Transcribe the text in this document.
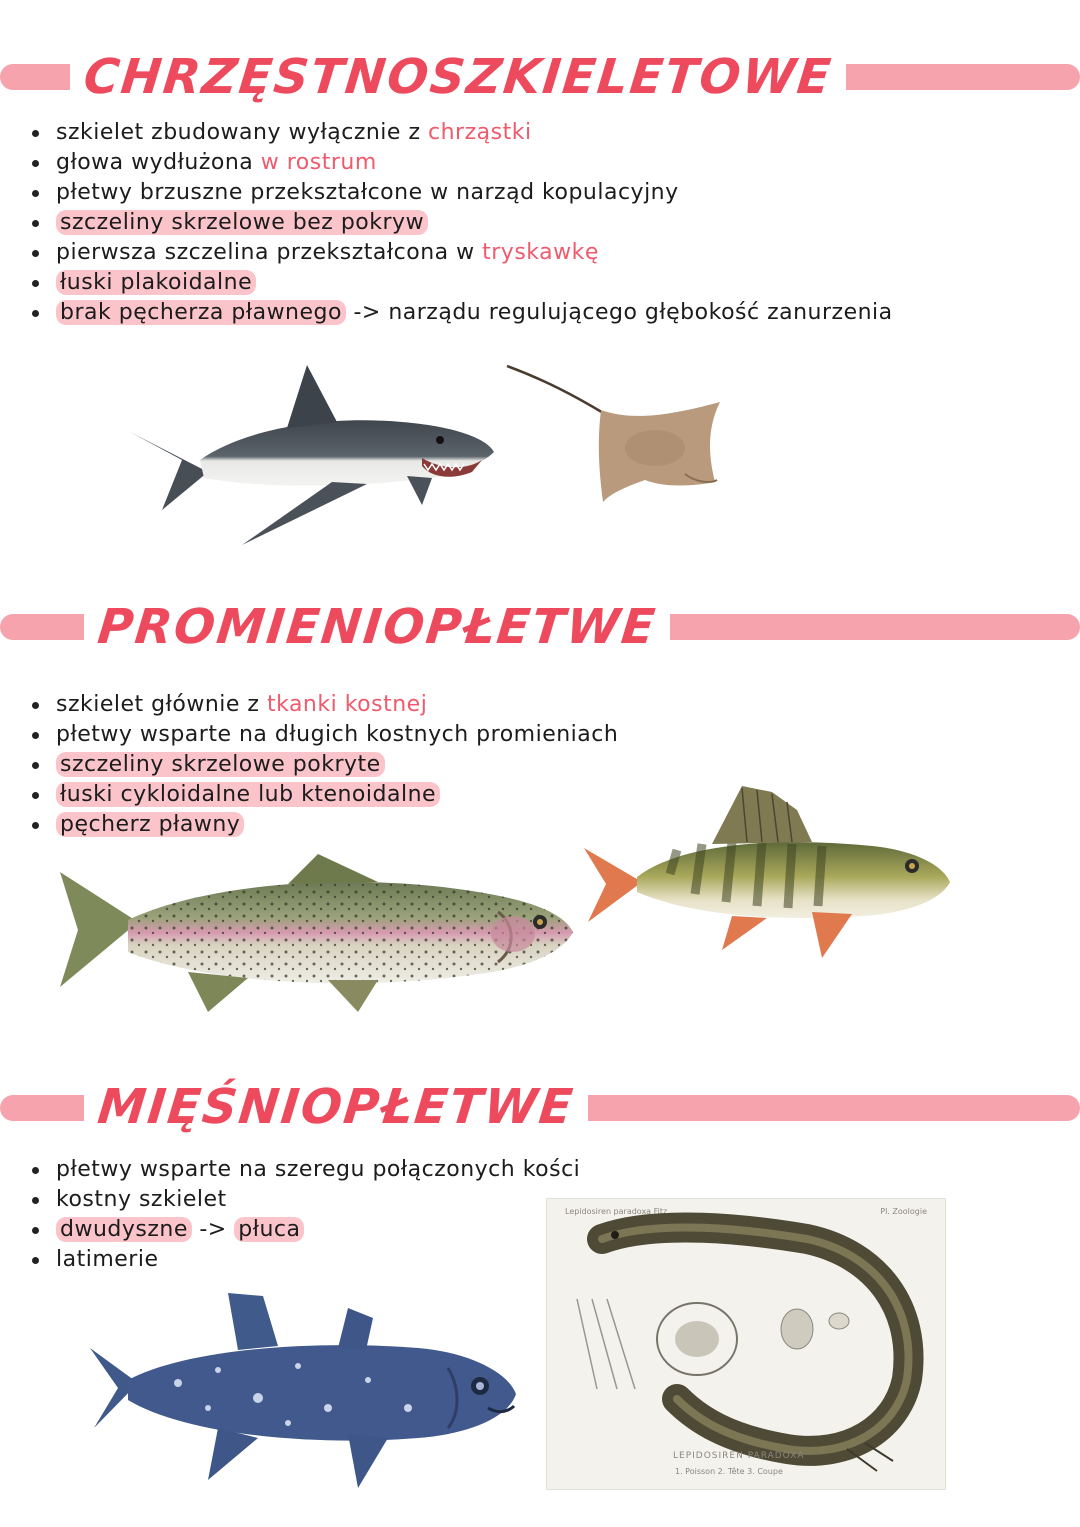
CHRZĘSTNOSZKIELETOWE
szkielet zbudowany wyłącznie z chrząstki
głowa wydłużona w rostrum
płetwy brzuszne przekształcone w narząd kopulacyjny
szczeliny skrzelowe bez pokryw
pierwsza szczelina przekształcona w tryskawkę
łuski plakoidalne
brak pęcherza pławnego -> narządu regulującego głębokość zanurzenia
PROMIENIOPŁETWE
szkielet głównie z tkanki kostnej
płetwy wsparte na długich kostnych promieniach
szczeliny skrzelowe pokryte
łuski cykloidalne lub ktenoidalne
pęcherz pławny
MIĘŚNIOPŁETWE
płetwy wsparte na szeregu połączonych kości
kostny szkielet
dwudyszne -> płuca
latimerie
Lepidosiren paradoxa Fitz.	Pl. Zoologie
LEPIDOSIREN PARADOXA
1. Poisson 2. Tête 3. Coupe
